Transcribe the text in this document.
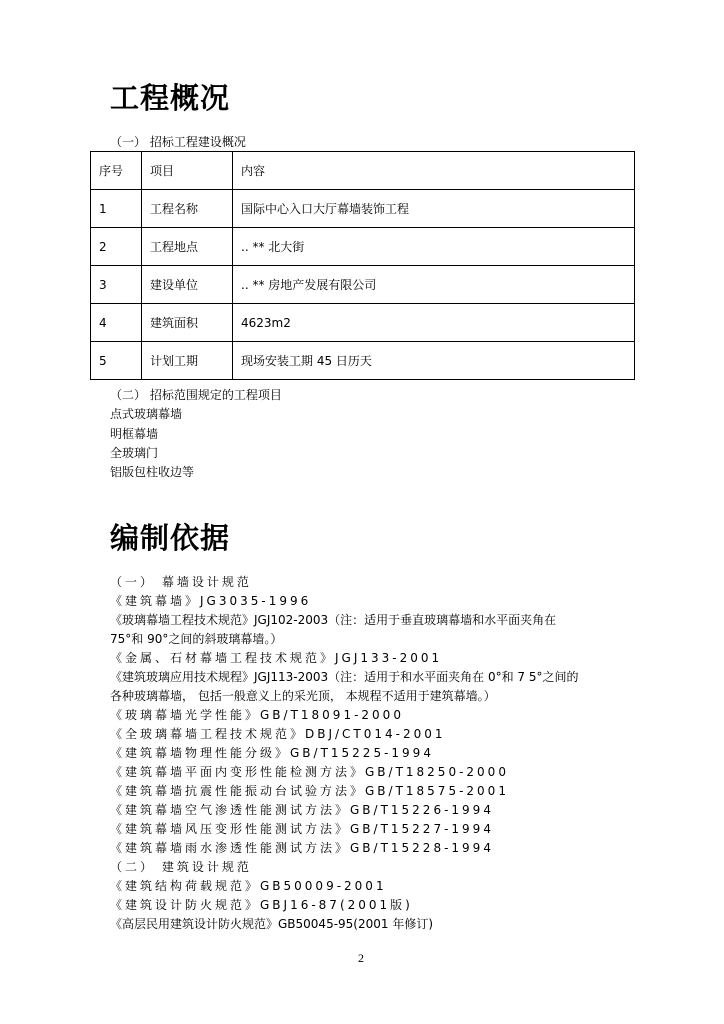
工程概况
（一） 招标工程建设概况
序号	项目	内容
1	工程名称	国际中心入口大厅幕墙装饰工程
2	工程地点	.. ** 北大街
3	建设单位	.. ** 房地产发展有限公司
4	建筑面积	4623m2
5	计划工期	现场安装工期 45 日历天
（二） 招标范围规定的工程项目
点式玻璃幕墙
明框幕墙
全玻璃门
铝版包柱收边等
编制依据
（一） 幕墙设计规范
《建筑幕墙》JG3035-1996
《玻璃幕墙工程技术规范》JGJ102-2003（注：适用于垂直玻璃幕墙和水平面夹角在
75°和 90°之间的斜玻璃幕墙。）
《金属、石材幕墙工程技术规范》JGJ133-2001
《建筑玻璃应用技术规程》JGJ113-2003（注：适用于和水平面夹角在 0°和 7 5°之间的
各种玻璃幕墙， 包括一般意义上的采光顶， 本规程不适用于建筑幕墙。）
《玻璃幕墙光学性能》GB/T18091-2000
《全玻璃幕墙工程技术规范》DBJ/CT014-2001
《建筑幕墙物理性能分级》GB/T15225-1994
《建筑幕墙平面内变形性能检测方法》GB/T18250-2000
《建筑幕墙抗震性能振动台试验方法》GB/T18575-2001
《建筑幕墙空气渗透性能测试方法》GB/T15226-1994
《建筑幕墙风压变形性能测试方法》GB/T15227-1994
《建筑幕墙雨水渗透性能测试方法》GB/T15228-1994
（二） 建筑设计规范
《建筑结构荷载规范》GB50009-2001
《建筑设计防火规范》GBJ16-87(2001版)
《高层民用建筑设计防火规范》GB50045-95(2001 年修订)
2
